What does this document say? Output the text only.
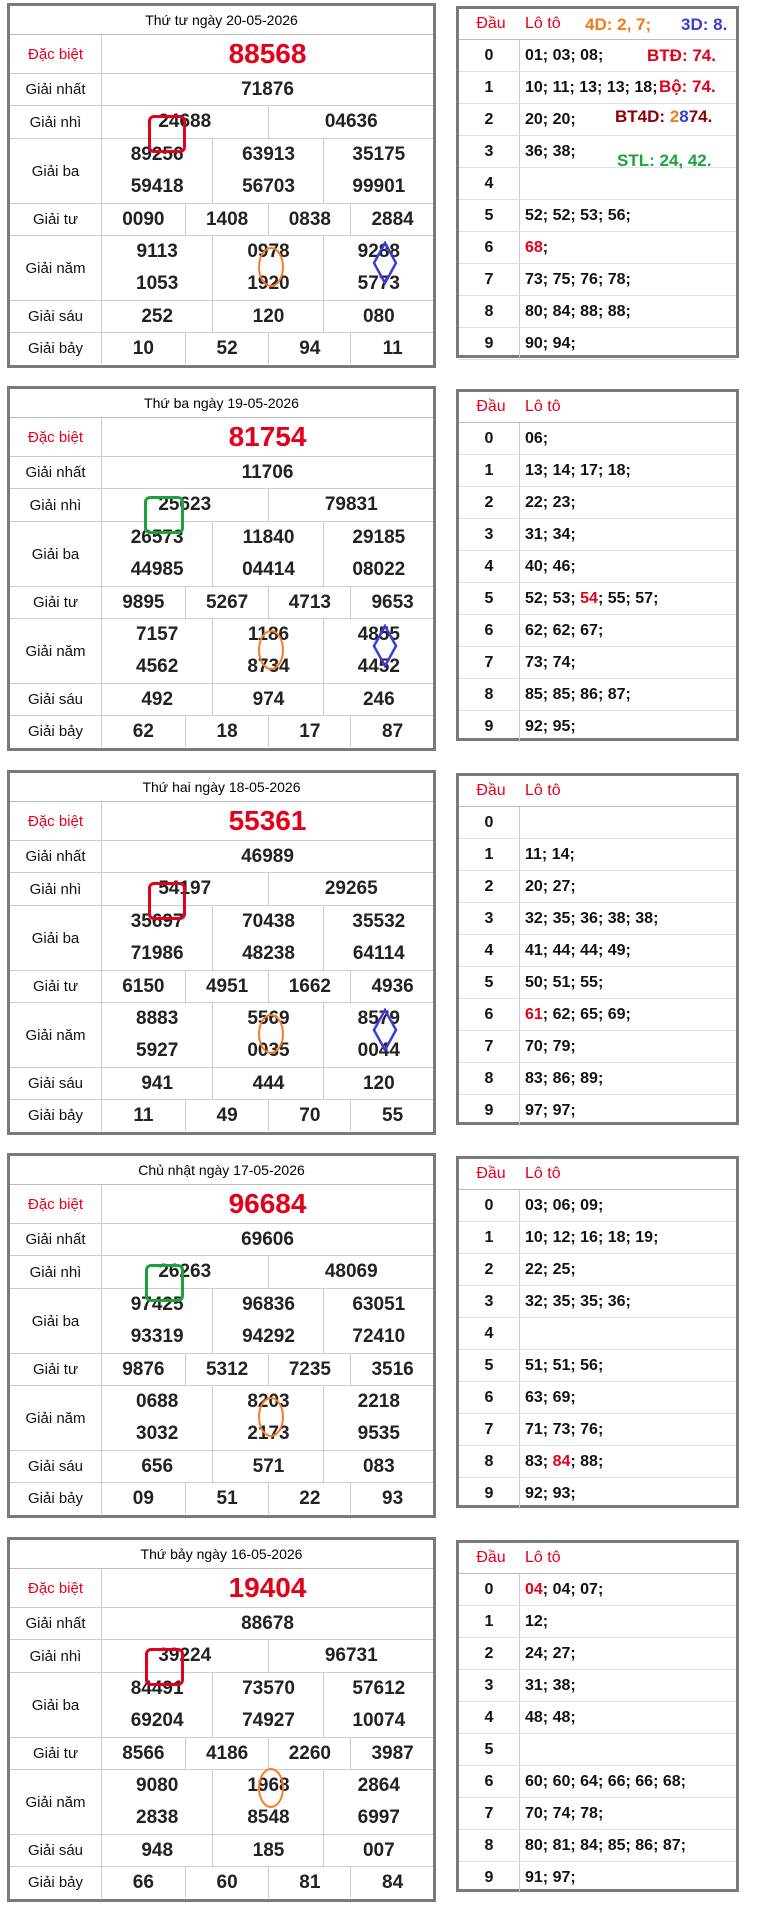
Thứ tư ngày 20-05-2026
Đặc biệt	88568
Giải nhất	71876
Giải nhì	24688	04636
Giải ba
89256	63913	35175
59418	56703	99901
Giải tư	0090	1408	0838	2884
Giải năm
9113	0978	9288
1053	1920	5773
Giải sáu	252	120	080
Giải bảy	10	52	94	11
Đầu	Lô tô
0	01; 03; 08;
1	10; 11; 13; 13; 18;
2	20; 20;
3	36; 38;
4
5	52; 52; 53; 56;
6	68;
7	73; 75; 76; 78;
8	80; 84; 88; 88;
9	90; 94;
4D: 2, 7; 3D: 8.
BTĐ: 74.
Bộ: 74.
BT4D: 2874.
STL: 24, 42.
Thứ ba ngày 19-05-2026
Đặc biệt	81754
Giải nhất	11706
Giải nhì	25623	79831
Giải ba
26573	11840	29185
44985	04414	08022
Giải tư	9895	5267	4713	9653
Giải năm
7157	1186	4855
4562	8734	4452
Giải sáu	492	974	246
Giải bảy	62	18	17	87
Đầu	Lô tô
0	06;
1	13; 14; 17; 18;
2	22; 23;
3	31; 34;
4	40; 46;
5	52; 53; 54; 55; 57;
6	62; 62; 67;
7	73; 74;
8	85; 85; 86; 87;
9	92; 95;
Thứ hai ngày 18-05-2026
Đặc biệt	55361
Giải nhất	46989
Giải nhì	54197	29265
Giải ba
35697	70438	35532
71986	48238	64114
Giải tư	6150	4951	1662	4936
Giải năm
8883	5569	8579
5927	0035	0044
Giải sáu	941	444	120
Giải bảy	11	49	70	55
Đầu	Lô tô
0
1	11; 14;
2	20; 27;
3	32; 35; 36; 38; 38;
4	41; 44; 44; 49;
5	50; 51; 55;
6	61; 62; 65; 69;
7	70; 79;
8	83; 86; 89;
9	97; 97;
Chủ nhật ngày 17-05-2026
Đặc biệt	96684
Giải nhất	69606
Giải nhì	26263	48069
Giải ba
97425	96836	63051
93319	94292	72410
Giải tư	9876	5312	7235	3516
Giải năm
0688	8203	2218
3032	2173	9535
Giải sáu	656	571	083
Giải bảy	09	51	22	93
Đầu	Lô tô
0	03; 06; 09;
1	10; 12; 16; 18; 19;
2	22; 25;
3	32; 35; 35; 36;
4
5	51; 51; 56;
6	63; 69;
7	71; 73; 76;
8	83; 84; 88;
9	92; 93;
Thứ bảy ngày 16-05-2026
Đặc biệt	19404
Giải nhất	88678
Giải nhì	39224	96731
Giải ba
84491	73570	57612
69204	74927	10074
Giải tư	8566	4186	2260	3987
Giải năm
9080	1968	2864
2838	8548	6997
Giải sáu	948	185	007
Giải bảy	66	60	81	84
Đầu	Lô tô
0	04; 04; 07;
1	12;
2	24; 27;
3	31; 38;
4	48; 48;
5
6	60; 60; 64; 66; 66; 68;
7	70; 74; 78;
8	80; 81; 84; 85; 86; 87;
9	91; 97;
